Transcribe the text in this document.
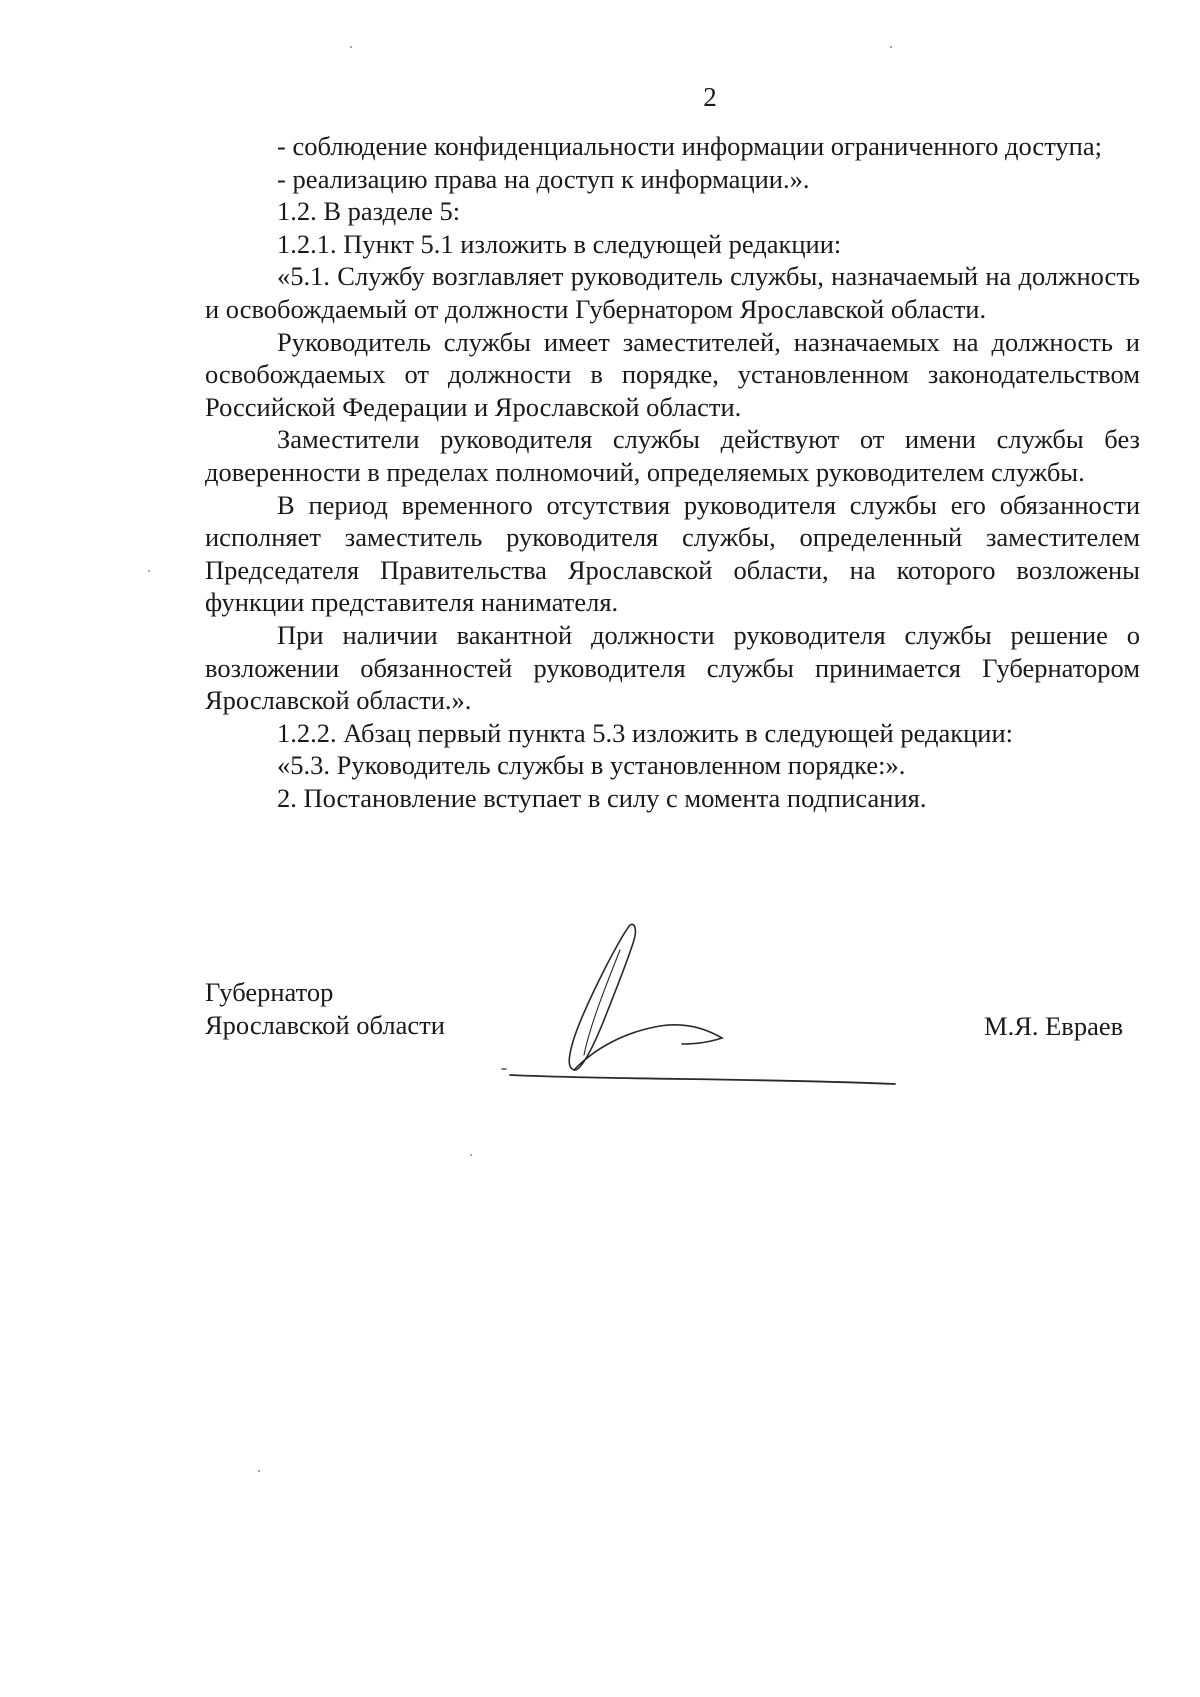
2

- соблюдение конфиденциальности информации ограниченного доступа;

- реализацию права на доступ к информации.».

1.2. В разделе 5:

1.2.1. Пункт 5.1 изложить в следующей редакции:

«5.1. Службу возглавляет руководитель службы, назначаемый на должность и освобождаемый от должности Губернатором Ярославской области.

Руководитель службы имеет заместителей, назначаемых на должность и освобождаемых от должности в порядке, установленном законодательством Российской Федерации и Ярославской области.

Заместители руководителя службы действуют от имени службы без доверенности в пределах полномочий, определяемых руководителем службы.

В период временного отсутствия руководителя службы его обязанности исполняет заместитель руководителя службы, определенный заместителем Председателя Правительства Ярославской области, на которого возложены функции представителя нанимателя.

При наличии вакантной должности руководителя службы решение о возложении обязанностей руководителя службы принимается Губернатором Ярославской области.».

1.2.2. Абзац первый пункта 5.3 изложить в следующей редакции:

«5.3. Руководитель службы в установленном порядке:».

2. Постановление вступает в силу с момента подписания.

Губернатор
Ярославской области	М.Я. Евраев
